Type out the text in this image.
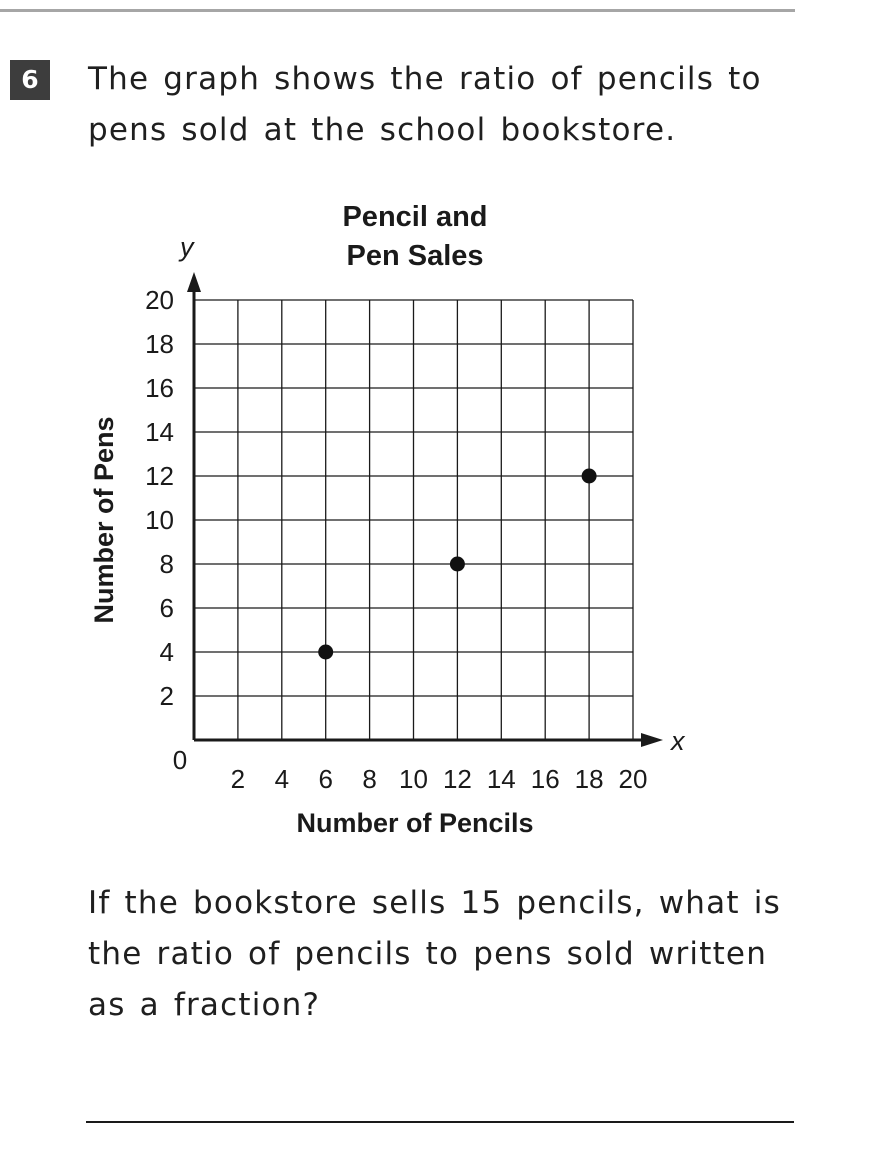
6	The graph shows the ratio of pencils to
pens sold at the school bookstore.

Pencil and
Pen Sales
2 4 6 8 10 12 14 16 18 20
2
4
6
8
10
12
14
16
18
20
Number of Pens
Number of Pencils
x
y
0

If the bookstore sells 15 pencils, what is
the ratio of pencils to pens sold written
as a fraction?
